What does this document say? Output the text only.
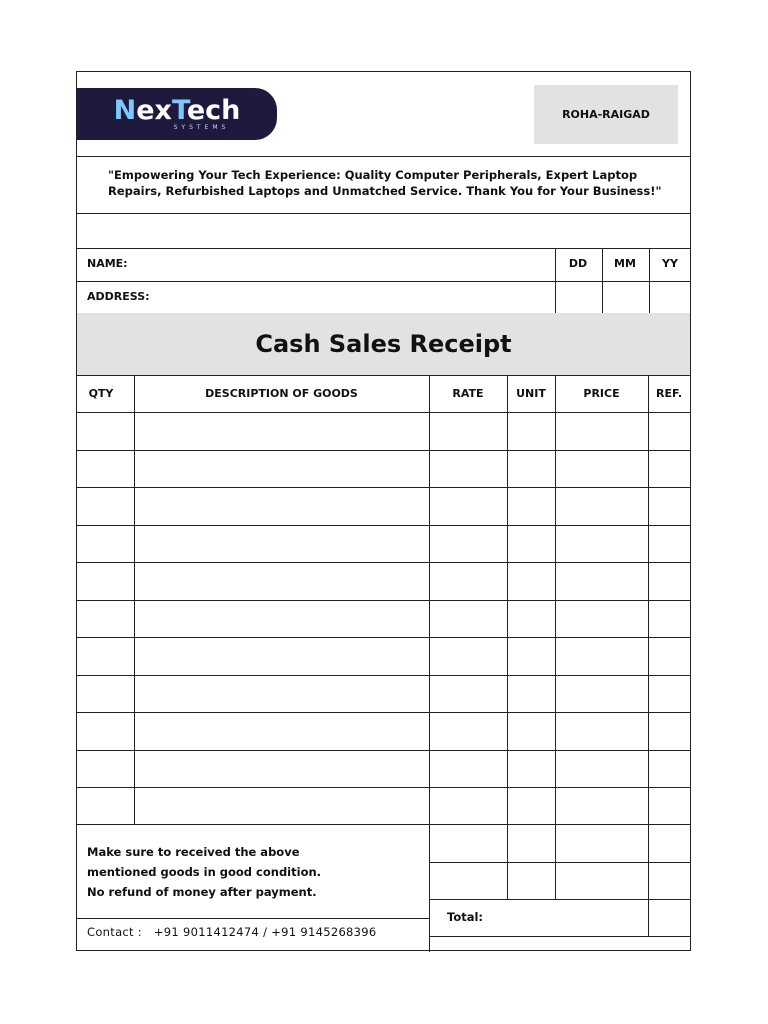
NexTech
SYSTEMS
ROHA-RAIGAD
"Empowering Your Tech Experience: Quality Computer Peripherals, Expert Laptop Repairs, Refurbished Laptops and Unmatched Service. Thank You for Your Business!"
NAME:	DD	MM	YY
ADDRESS:
Cash Sales Receipt
QTY	DESCRIPTION OF GOODS	RATE	UNIT	PRICE	REF.
Make sure to received the above
mentioned goods in good condition.
No refund of money after payment.
Contact : +91 9011412474 / +91 9145268396
Total:
